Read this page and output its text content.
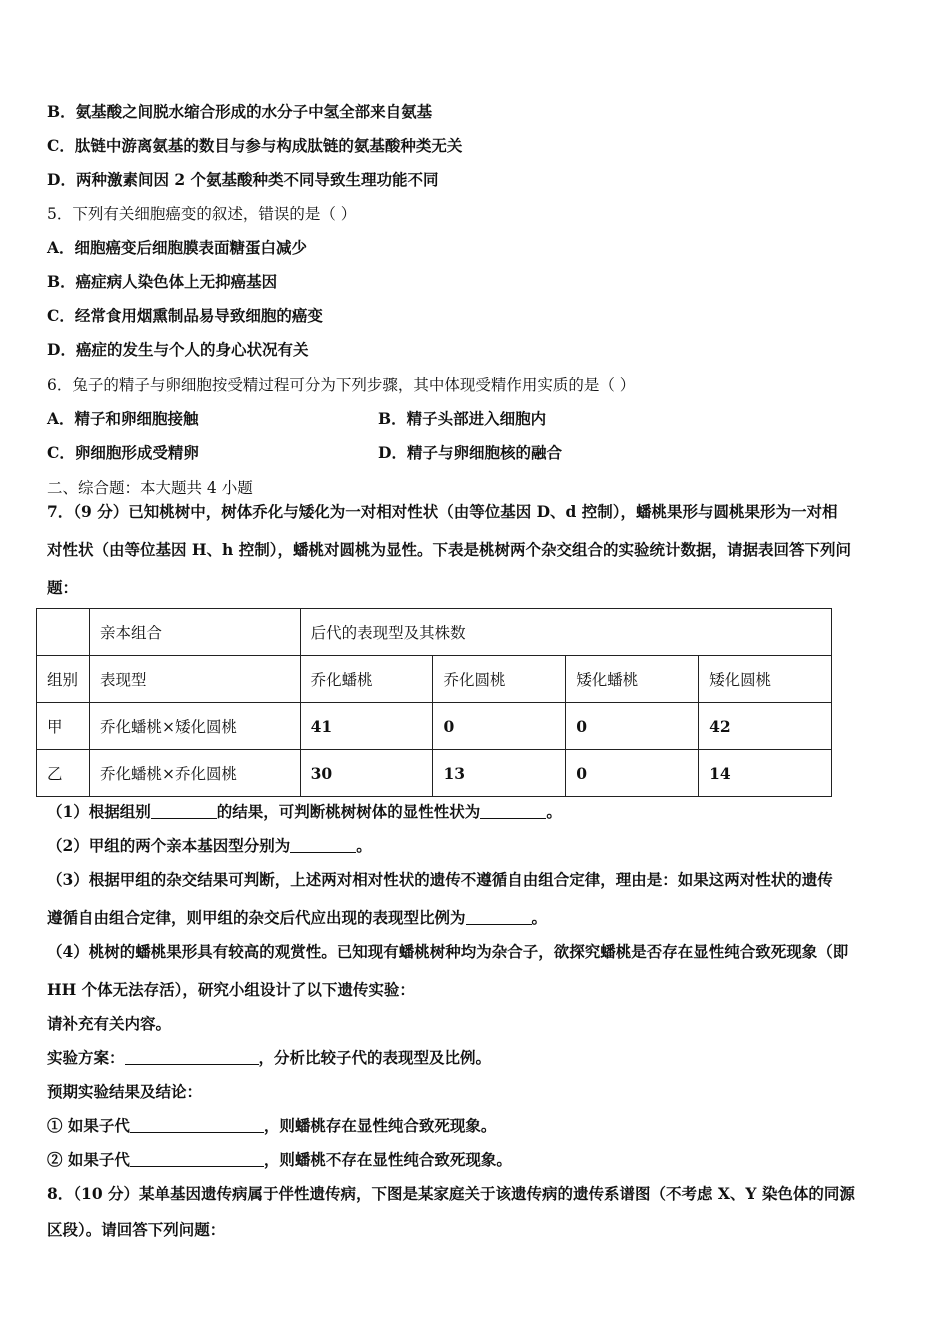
B．氨基酸之间脱水缩合形成的水分子中氢全部来自氨基
C．肽链中游离氨基的数目与参与构成肽链的氨基酸种类无关
D．两种激素间因 2 个氨基酸种类不同导致生理功能不同
5．下列有关细胞癌变的叙述，错误的是（ ）
A．细胞癌变后细胞膜表面糖蛋白减少
B．癌症病人染色体上无抑癌基因
C．经常食用烟熏制品易导致细胞的癌变
D．癌症的发生与个人的身心状况有关
6．兔子的精子与卵细胞按受精过程可分为下列步骤，其中体现受精作用实质的是（ ）
A．精子和卵细胞接触	B．精子头部进入细胞内
C．卵细胞形成受精卵	D．精子与卵细胞核的融合
二、综合题：本大题共 4 小题
7．（9 分）已知桃树中，树体乔化与矮化为一对相对性状（由等位基因 D、d 控制），蟠桃果形与圆桃果形为一对相
对性状（由等位基因 H、h 控制），蟠桃对圆桃为显性。下表是桃树两个杂交组合的实验统计数据，请据表回答下列问
题：
	亲本组合	后代的表现型及其株数			
组别	表现型	乔化蟠桃	乔化圆桃	矮化蟠桃	矮化圆桃
甲	乔化蟠桃×矮化圆桃	41	0	0	42
乙	乔化蟠桃×乔化圆桃	30	13	0	14
（1）根据组别	的结果，可判断桃树树体的显性性状为	。
（2）甲组的两个亲本基因型分别为	。
（3）根据甲组的杂交结果可判断，上述两对相对性状的遗传不遵循自由组合定律，理由是：如果这两对性状的遗传
遵循自由组合定律，则甲组的杂交后代应出现的表现型比例为	。
（4）桃树的蟠桃果形具有较高的观赏性。已知现有蟠桃树种均为杂合子，欲探究蟠桃是否存在显性纯合致死现象（即
HH 个体无法存活），研究小组设计了以下遗传实验：
请补充有关内容。
实验方案：	，分析比较子代的表现型及比例。
预期实验结果及结论：
① 如果子代	，则蟠桃存在显性纯合致死现象。
② 如果子代	，则蟠桃不存在显性纯合致死现象。
8．（10 分）某单基因遗传病属于伴性遗传病，下图是某家庭关于该遗传病的遗传系谱图（不考虑 X、Y 染色体的同源
区段）。请回答下列问题：
